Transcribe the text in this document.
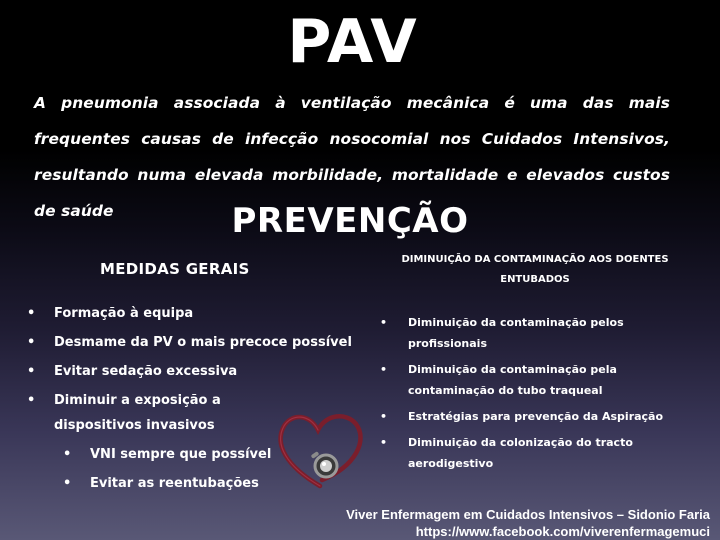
PAV
A pneumonia associada à ventilação mecânica é uma das mais frequentes causas de infecção nosocomial nos Cuidados Intensivos, resultando numa elevada morbilidade, mortalidade e elevados custos de saúde	PREVENÇÃO
MEDIDAS GERAIS
• Formação à equipa
• Desmame da PV o mais precoce possível
• Evitar sedação excessiva
• Diminuir a exposição a dispositivos invasivos
• VNI sempre que possível
• Evitar as reentubações
DIMINUIÇÃO DA CONTAMINAÇÃO AOS DOENTES ENTUBADOS
• Diminuição da contaminação pelos profissionais
• Diminuição da contaminação pela contaminação do tubo traqueal
• Estratégias para prevenção da Aspiração
• Diminuição da colonização do tracto aerodigestivo
Viver Enfermagem em Cuidados Intensivos – Sidonio Faria
https://www.facebook.com/viverenfermagemuci
